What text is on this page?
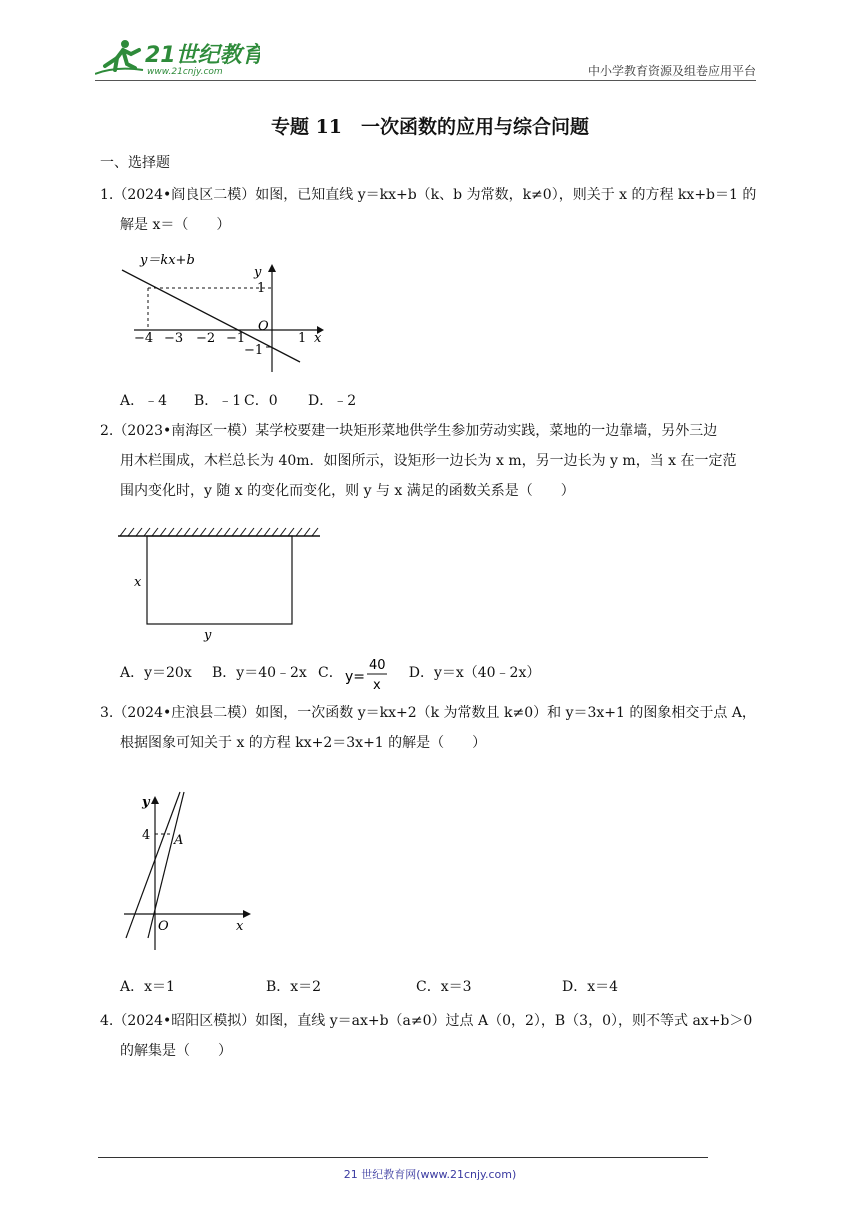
21世纪教育
www.21cnjy.com	中小学教育资源及组卷应用平台
专题 11　一次函数的应用与综合问题
一、选择题
1.（2024•阎良区二模）如图，已知直线 y＝kx+b（k、b 为常数，k≠0），则关于 x 的方程 kx+b＝1 的
解是 x＝（　　）
y＝kx+b
−4 −3 −2 −1
O
1 x
y
1
−1
A．﹣4 B．﹣1 C．0 D．﹣2
2.（2023•南海区一模）某学校要建一块矩形菜地供学生参加劳动实践，菜地的一边靠墙，另外三边
用木栏围成，木栏总长为 40m．如图所示，设矩形一边长为 x m，另一边长为 y m，当 x 在一定范
围内变化时，y 随 x 的变化而变化，则 y 与 x 满足的函数关系是（　　）
x
y
A．y＝20x B．y＝40﹣2x C． y=
40
x
D．y＝x（40﹣2x）
3.（2024•庄浪县二模）如图，一次函数 y＝kx+2（k 为常数且 k≠0）和 y＝3x+1 的图象相交于点 A，
根据图象可知关于 x 的方程 kx+2＝3x+1 的解是（　　）
y
4 A
O	x
A．x＝1	B．x＝2	C．x＝3	D．x＝4
4.（2024•昭阳区模拟）如图，直线 y＝ax+b（a≠0）过点 A（0，2），B（3，0），则不等式 ax+b＞0
的解集是（　　）
21 世纪教育网(www.21cnjy.com)
